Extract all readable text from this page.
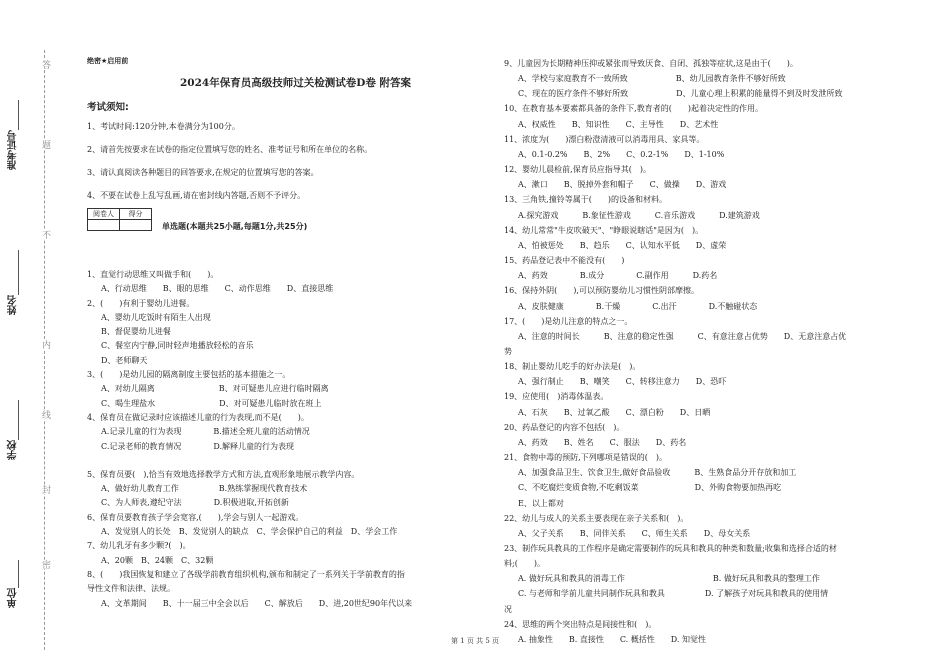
准考证号
姓名
学校
单位
答
题
不
内
线
封
密
绝密★启用前
2024年保育员高级技师过关检测试卷D卷 附答案
考试须知:
1、考试时间:120分钟,本卷满分为100分。
2、请首先按要求在试卷的指定位置填写您的姓名、准考证号和所在单位的名称。
3、请认真阅读各种题目的回答要求,在规定的位置填写您的答案。
4、不要在试卷上乱写乱画,请在密封线内答题,否则不予评分。
阅卷人	得分

单选题(本题共25小题,每题1分,共25分)
1、直觉行动思维又叫做手和(　　)。
A、行动思维　　B、眼的思维　　C、动作思维　　D、直接思维
2、(　　)有利于婴幼儿进餐。
A、婴幼儿吃饭时有陌生人出现
B、督促婴幼儿进餐
C、餐室内宁静,同时轻声地播放轻松的音乐
D、老师聊天
3、(　　)是幼儿园的隔离制度主要包括的基本措施之一。
A、对幼儿隔离　　　　　　　　B、对可疑患儿应进行临时隔离
C、喝生理盐水　　　　　　　　D、对可疑患儿临时放在班上
4、保育员在做记录时应该描述儿童的行为表现,而不是(　　)。
A.记录儿童的行为表现　　　　B.描述全班儿童的活动情况
C.记录老师的教育情况　　　　D.解释儿童的行为表现
5、保育员要(　),恰当有效地选择教学方式和方法,直观形象地展示教学内容。
A、做好幼儿教育工作　　　　　B.熟练掌握现代教育技术
C、为人师表,遵纪守法　　　　D.积极进取,开拓创新
6、保育员要教育孩子学会宽容,(　　),学会与别人一起游戏。
A、发觉别人的长处　B、发觉别人的缺点　C、学会保护自己的利益　D、学会工作
7、幼儿乳牙有多少颗?(　)。
A、20颗　B、24颗　C、32颗
8、(　　)我国恢复和建立了各级学前教育组织机构,颁布和制定了一系列关于学前教育的指
导性文件和法律、法规。
A、文革期间　　B、十一届三中全会以后　　C、解放后　　D、进,20世纪90年代以来
9、儿童因为长期精神压抑或紧张而导致厌食、自闭、孤独等症状,这是由于(　　)。
A、学校与家庭教育不一致所致　　　　　　B、幼儿园教育条件不够好所致
C、现在的医疗条件不够好所致　　　　　　D、儿童心理上积累的能量得不到及时发泄所致
10、在教育基本要素都具备的条件下,教育者的(　　)起着决定性的作用。
A、权威性　　B、知识性　　C、主导性　　D、艺术性
11、浓度为(　　)漂白粉澄清液可以消毒用具、家具等。
A、0.1-0.2%　　B、2%　　C、0.2-1%　　D、1-10%
12、婴幼儿晨检前,保育员应指导其(　)。
A、漱口　　B、脱掉外套和帽子　　C、做操　　D、游戏
13、三角铁,撞铃等属于(　　)的设备和材料。
A.探究游戏　　　B.象征性游戏　　　C.音乐游戏　　　D.建筑游戏
14、幼儿常常"牛皮吹破天"、"睁眼说瞎话"是因为(　)。
A、怕被惩处　　B、趋乐　　C、认知水平低　　D、虚荣
15、药品登记表中不能没有(　　)
A、药效　　　　B.成分　　　　C.副作用　　　D.药名
16、保持外阴(　　),可以预防婴幼儿习惯性阴部摩擦。
A、皮肤健康　　　　B.干燥　　　　C.出汗　　　　D.不触碰状态
17、(　　)是幼儿注意的特点之一。
A、注意的时间长　　　B、注意的稳定性强　　　C、有意注意占优势　　D、无意注意占优
势
18、制止婴幼儿吃手的好办法是(　)。
A、强行制止　　B、嘲笑　　C、转移注意力　　D、恐吓
19、应使用(　)消毒体温表。
A、石灰　　B、过氧乙酸　　C、漂白粉　　D、日晒
20、药品登记的内容不包括(　)。
A、药效　　B、姓名　　C、服法　　D、药名
21、食物中毒的预防,下列哪项是错误的(　)。
A、加强食品卫生、饮食卫生,做好食品验收　　　B、生熟食品分开存放和加工
C、不吃腐烂变质食物,不吃剩饭菜　　　　　　　D、外购食物要加热再吃
E、以上都对
22、幼儿与成人的关系主要表现在亲子关系和(　)。
A、父子关系　　B、同伴关系　　C、师生关系　　D、母女关系
23、制作玩具教具的工作程序是确定需要制作的玩具和教具的种类和数量;收集和选择合适的材
料;(　　)。
A. 做好玩具和教具的消毒工作　　　　　　　　　　　B. 做好玩具和教具的整理工作
C. 与老师和学前儿童共同制作玩具和教具　　　　　D. 了解孩子对玩具和教具的使用情
况
24、思维的两个突出特点是间接性和(　)。
A. 抽象性　　B. 直接性　　C. 概括性　　D. 知觉性
第 1 页 共 5 页
